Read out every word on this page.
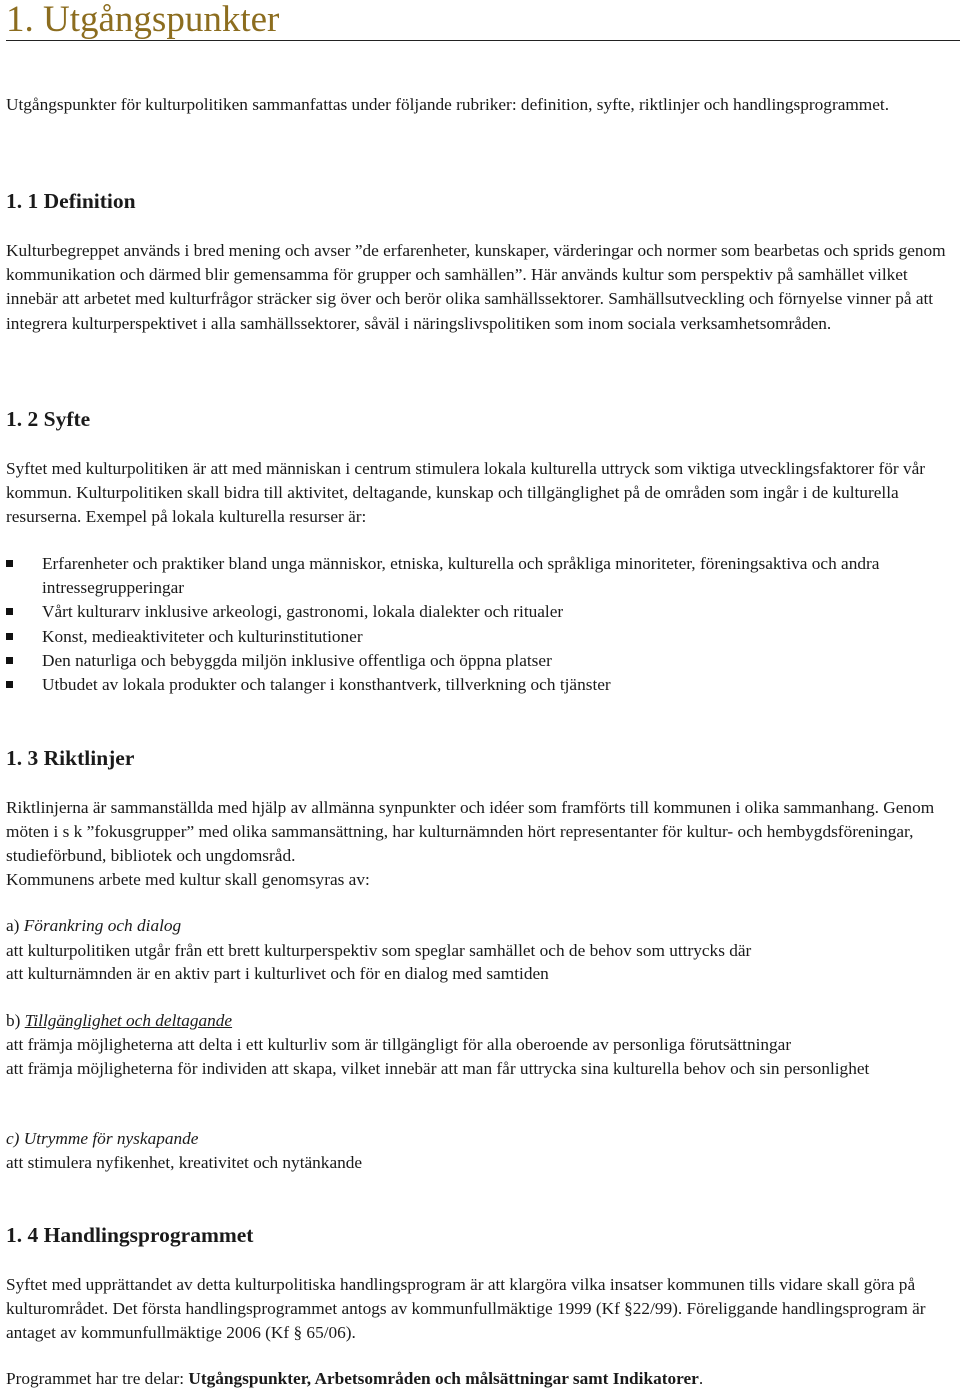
1. Utgångspunkter

Utgångspunkter för kulturpolitiken sammanfattas under följande rubriker: definition, syfte, riktlinjer och handlingsprogrammet.

1. 1 Definition

Kulturbegreppet används i bred mening och avser ”de erfarenheter, kunskaper, värderingar och normer som bearbetas och sprids genom kommunikation och därmed blir gemensamma för grupper och samhällen”. Här används kultur som perspektiv på samhället vilket innebär att arbetet med kulturfrågor sträcker sig över och berör olika samhällssektorer. Samhällsutveckling och förnyelse vinner på att integrera kulturperspektivet i alla samhällssektorer, såväl i näringslivspolitiken som inom sociala verksamhetsområden.

1. 2 Syfte

Syftet med kulturpolitiken är att med människan i centrum stimulera lokala kulturella uttryck som viktiga utvecklingsfaktorer för vår kommun. Kulturpolitiken skall bidra till aktivitet, deltagande, kunskap och tillgänglighet på de områden som ingår i de kulturella resurserna. Exempel på lokala kulturella resurser är:

Erfarenheter och praktiker bland unga människor, etniska, kulturella och språkliga minoriteter, föreningsaktiva och andra intressegrupperingar
Vårt kulturarv inklusive arkeologi, gastronomi, lokala dialekter och ritualer
Konst, medieaktiviteter och kulturinstitutioner
Den naturliga och bebyggda miljön inklusive offentliga och öppna platser
Utbudet av lokala produkter och talanger i konsthantverk, tillverkning och tjänster
1. 3 Riktlinjer

Riktlinjerna är sammanställda med hjälp av allmänna synpunkter och idéer som framförts till kommunen i olika sammanhang. Genom möten i s k ”fokusgrupper” med olika sammansättning, har kulturnämnden hört representanter för kultur- och hembygdsföreningar, studieförbund, bibliotek och ungdomsråd.

Kommunens arbete med kultur skall genomsyras av:

a) Förankring och dialog

att kulturpolitiken utgår från ett brett kulturperspektiv som speglar samhället och de behov som uttrycks där

att kulturnämnden är en aktiv part i kulturlivet och för en dialog med samtiden

b) Tillgänglighet och deltagande

att främja möjligheterna att delta i ett kulturliv som är tillgängligt för alla oberoende av personliga förutsättningar

att främja möjligheterna för individen att skapa, vilket innebär att man får uttrycka sina kulturella behov och sin personlighet

c) Utrymme för nyskapande

att stimulera nyfikenhet, kreativitet och nytänkande

1. 4 Handlingsprogrammet

Syftet med upprättandet av detta kulturpolitiska handlingsprogram är att klargöra vilka insatser kommunen tills vidare skall göra på kulturområdet. Det första handlingsprogrammet antogs av kommunfullmäktige 1999 (Kf §22/99). Föreliggande handlingsprogram är antaget av kommunfullmäktige 2006 (Kf § 65/06).

Programmet har tre delar: Utgångspunkter, Arbetsområden och målsättningar samt Indikatorer.
